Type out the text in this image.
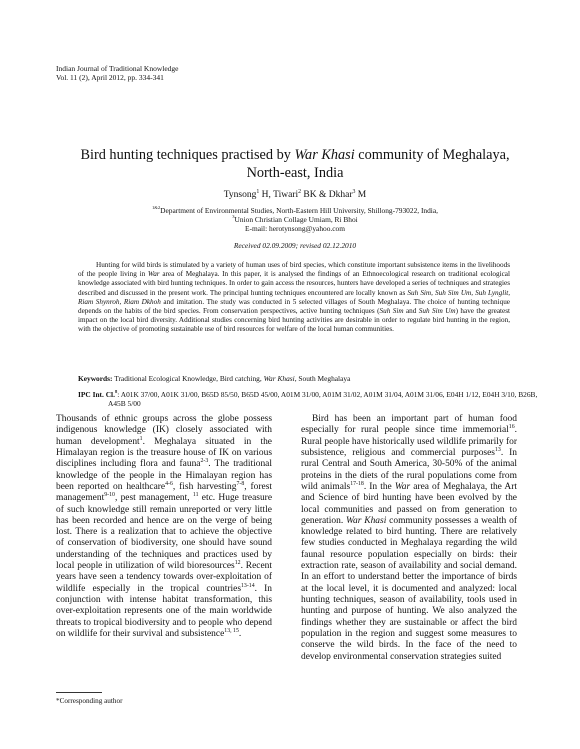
Indian Journal of Traditional Knowledge
Vol. 11 (2), April 2012, pp. 334-341
Bird hunting techniques practised by War Khasi community of Meghalaya,
North-east, India
Tynsong$^1$ H, Tiwari$^2$ BK & Dkhar$^3$ M
$^{1\&2}$Department of Environmental Studies, North-Eastern Hill University, Shillong-793022, India,
$^3$Union Christian Collage Umiam, Ri Bhoi
E-mail: herotynsong@yahoo.com
Received 02.09.2009; revised 02.12.2010

Hunting for wild birds is stimulated by a variety of human uses of bird species, which constitute important subsistence items in the livelihoods of the people living in War area of Meghalaya. In this paper, it is analysed the findings of an Ethnoecological research on traditional ecological knowledge associated with bird hunting techniques. In order to gain access the resources, hunters have developed a series of techniques and strategies described and discussed in the present work. The principal hunting techniques encountered are locally known as Suh Sim, Suh Sim Um, Suh Lynglit, Riam Shynroh, Riam Dkhoh and imitation. The study was conducted in 5 selected villages of South Meghalaya. The choice of hunting technique depends on the habits of the bird species. From conservation perspectives, active hunting techniques (Suh Sim and Suh Sim Um) have the greatest impact on the local bird diversity. Additional studies concerning bird hunting activities are desirable in order to regulate bird hunting in the region, with the objective of promoting sustainable use of bird resources for welfare of the local human communities.

Keywords: Traditional Ecological Knowledge, Bird catching, War Khasi, South Meghalaya
IPC Int. Cl.$^8$: A01K 37/00, A01K 31/00, B65D 85/50, B65D 45/00, A01M 31/00, A01M 31/02, A01M 31/04, A01M 31/06, E04H 1/12, E04H 3/10, B26B, A45B 5/00

Thousands of ethnic groups across the globe possess indigenous knowledge (IK) closely associated with human development$^1$. Meghalaya situated in the Himalayan region is the treasure house of IK on various disciplines including flora and fauna$^{2-3}$. The traditional knowledge of the people in the Himalayan region has been reported on healthcare$^{4-6}$, fish harvesting$^{7-8}$, forest management$^{9-10}$, pest management, $^{11}$ etc. Huge treasure of such knowledge still remain unreported or very little has been recorded and hence are on the verge of being lost. There is a realization that to achieve the objective of conservation of biodiversity, one should have sound understanding of the techniques and practices used by local people in utilization of wild bioresources$^{12}$. Recent years have seen a tendency towards over-exploitation of wildlife especially in the tropical countries$^{13-14}$. In conjunction with intense habitat transformation, this over-exploitation represents one of the main worldwide threats to tropical biodiversity and to people who depend on wildlife for their survival and subsistence$^{13, 15}$.

Bird has been an important part of human food especially for rural people since time immemorial$^{16}$. Rural people have historically used wildlife primarily for subsistence, religious and commercial purposes$^{13}$. In rural Central and South America, 30-50% of the animal proteins in the diets of the rural populations come from wild animals$^{17-18}$. In the War area of Meghalaya, the Art and Science of bird hunting have been evolved by the local communities and passed on from generation to generation. War Khasi community possesses a wealth of knowledge related to bird hunting. There are relatively few studies conducted in Meghalaya regarding the wild faunal resource population especially on birds: their extraction rate, season of availability and social demand. In an effort to understand better the importance of birds at the local level, it is documented and analyzed: local hunting techniques, season of availability, tools used in hunting and purpose of hunting. We also analyzed the findings whether they are sustainable or affect the bird population in the region and suggest some measures to conserve the wild birds. In the face of the need to develop environmental conservation strategies suited

*Corresponding author
